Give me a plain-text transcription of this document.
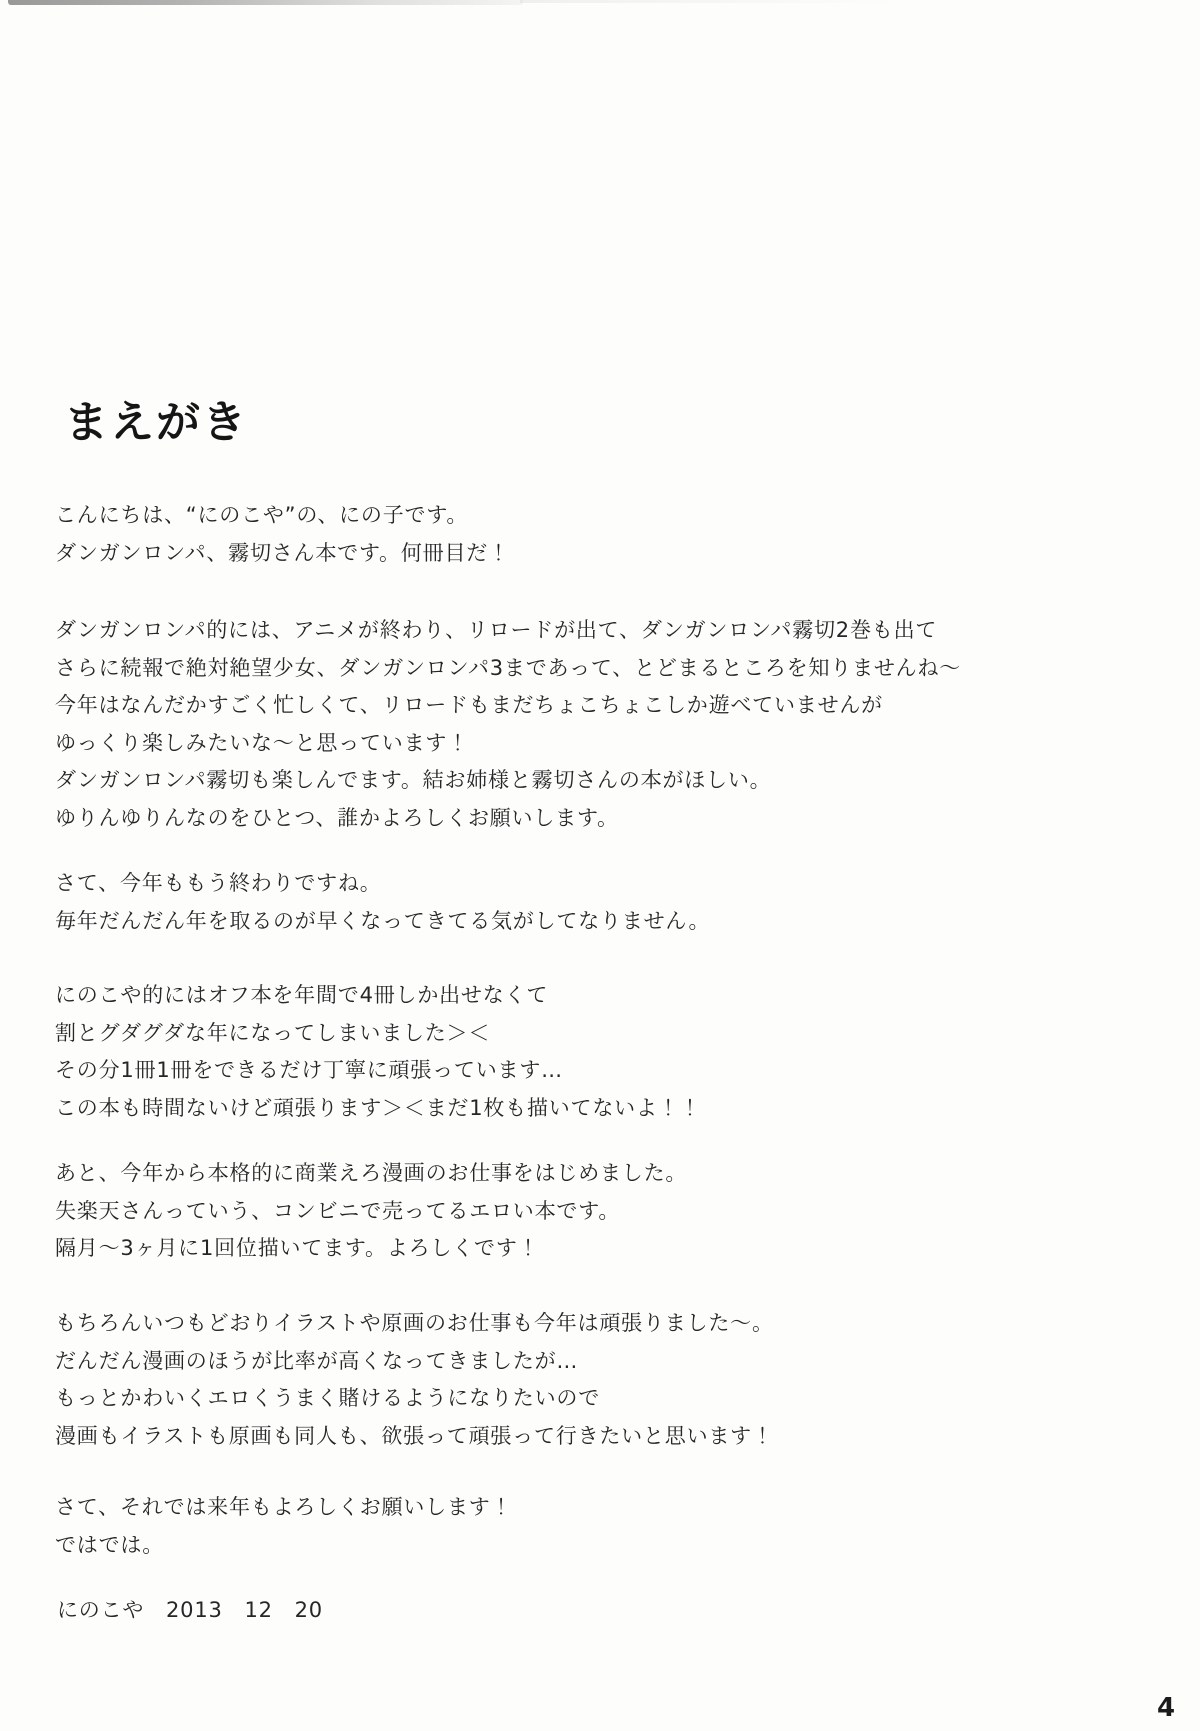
まえがき
こんにちは、“にのこや”の、にの子です。
ダンガンロンパ、霧切さん本です。何冊目だ！
ダンガンロンパ的には、アニメが終わり、リロードが出て、ダンガンロンパ霧切2巻も出て
さらに続報で絶対絶望少女、ダンガンロンパ3まであって、とどまるところを知りませんね～
今年はなんだかすごく忙しくて、リロードもまだちょこちょこしか遊べていませんが
ゆっくり楽しみたいな～と思っています！
ダンガンロンパ霧切も楽しんでます。結お姉様と霧切さんの本がほしい。
ゆりんゆりんなのをひとつ、誰かよろしくお願いします。
さて、今年ももう終わりですね。
毎年だんだん年を取るのが早くなってきてる気がしてなりません。
にのこや的にはオフ本を年間で4冊しか出せなくて
割とグダグダな年になってしまいました＞＜
その分1冊1冊をできるだけ丁寧に頑張っています…
この本も時間ないけど頑張ります＞＜まだ1枚も描いてないよ！！
あと、今年から本格的に商業えろ漫画のお仕事をはじめました。
失楽天さんっていう、コンビニで売ってるエロい本です。
隔月～3ヶ月に1回位描いてます。よろしくです！
もちろんいつもどおりイラストや原画のお仕事も今年は頑張りました～。
だんだん漫画のほうが比率が高くなってきましたが…
もっとかわいくエロくうまく賭けるようになりたいので
漫画もイラストも原画も同人も、欲張って頑張って行きたいと思います！
さて、それでは来年もよろしくお願いします！
ではでは。
にのこや　2013　12　20
4
